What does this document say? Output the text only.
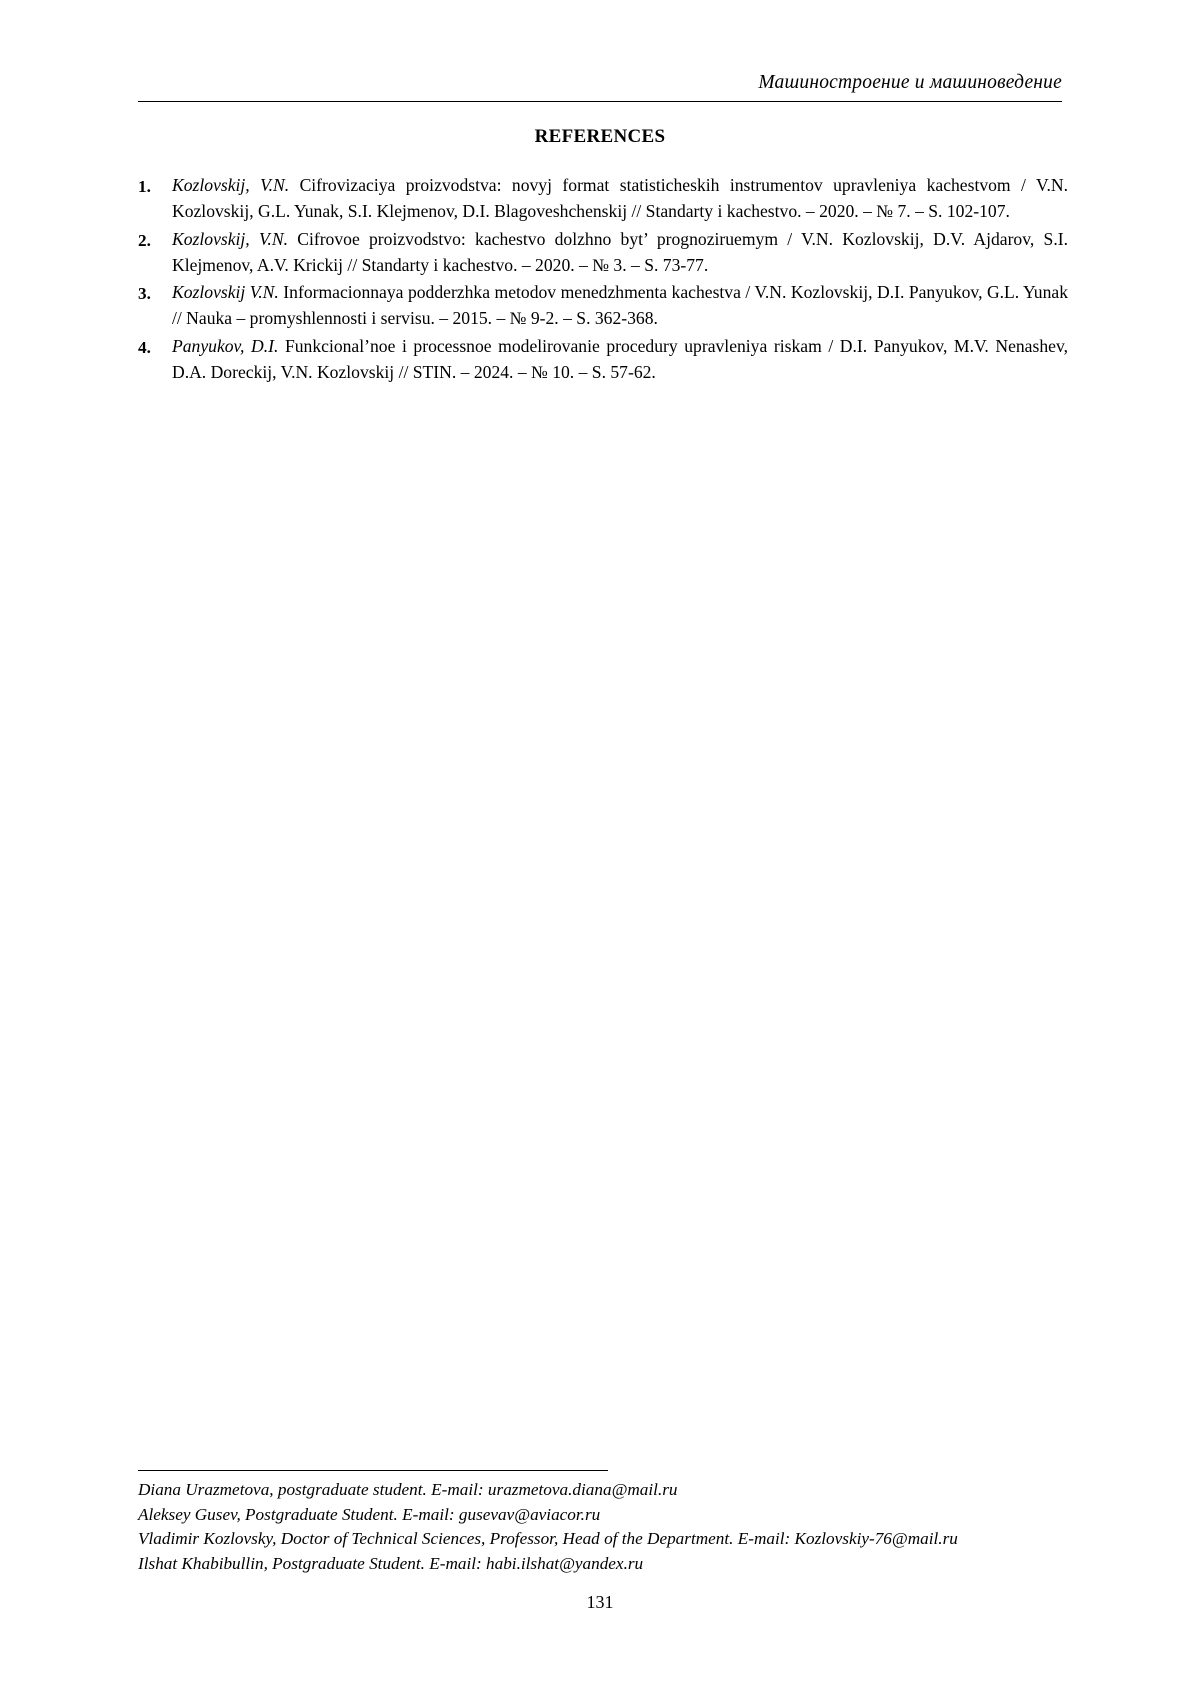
Машиностроение и машиноведение
REFERENCES
1.	Kozlovskij, V.N. Cifrovizaciya proizvodstva: novyj format statisticheskih instrumentov upravleniya kachestvom / V.N. Kozlovskij, G.L. Yunak, S.I. Klejmenov, D.I. Blagoveshchenskij // Standarty i kachestvo. – 2020. – № 7. – S. 102-107.
2.	Kozlovskij, V.N. Cifrovoe proizvodstvo: kachestvo dolzhno byt’ prognoziruemym / V.N. Kozlovskij, D.V. Ajdarov, S.I. Klejmenov, A.V. Krickij // Standarty i kachestvo. – 2020. – № 3. – S. 73-77.
3.	Kozlovskij V.N. Informacionnaya podderzhka metodov menedzhmenta kachestva / V.N. Kozlovskij, D.I. Panyukov, G.L. Yunak // Nauka – promyshlennosti i servisu. – 2015. – № 9-2. – S. 362-368.
4.	Panyukov, D.I. Funkcional’noe i processnoe modelirovanie procedury upravleniya riskam / D.I. Panyukov, M.V. Nenashev, D.A. Doreckij, V.N. Kozlovskij // STIN. – 2024. – № 10. – S. 57-62.
Diana Urazmetova, postgraduate student. E-mail: urazmetova.diana@mail.ru
Aleksey Gusev, Postgraduate Student. E-mail: gusevav@aviacor.ru
Vladimir Kozlovsky, Doctor of Technical Sciences, Professor, Head of the Department. E-mail: Kozlovskiy-76@mail.ru
Ilshat Khabibullin, Postgraduate Student. E-mail: habi.ilshat@yandex.ru
131
